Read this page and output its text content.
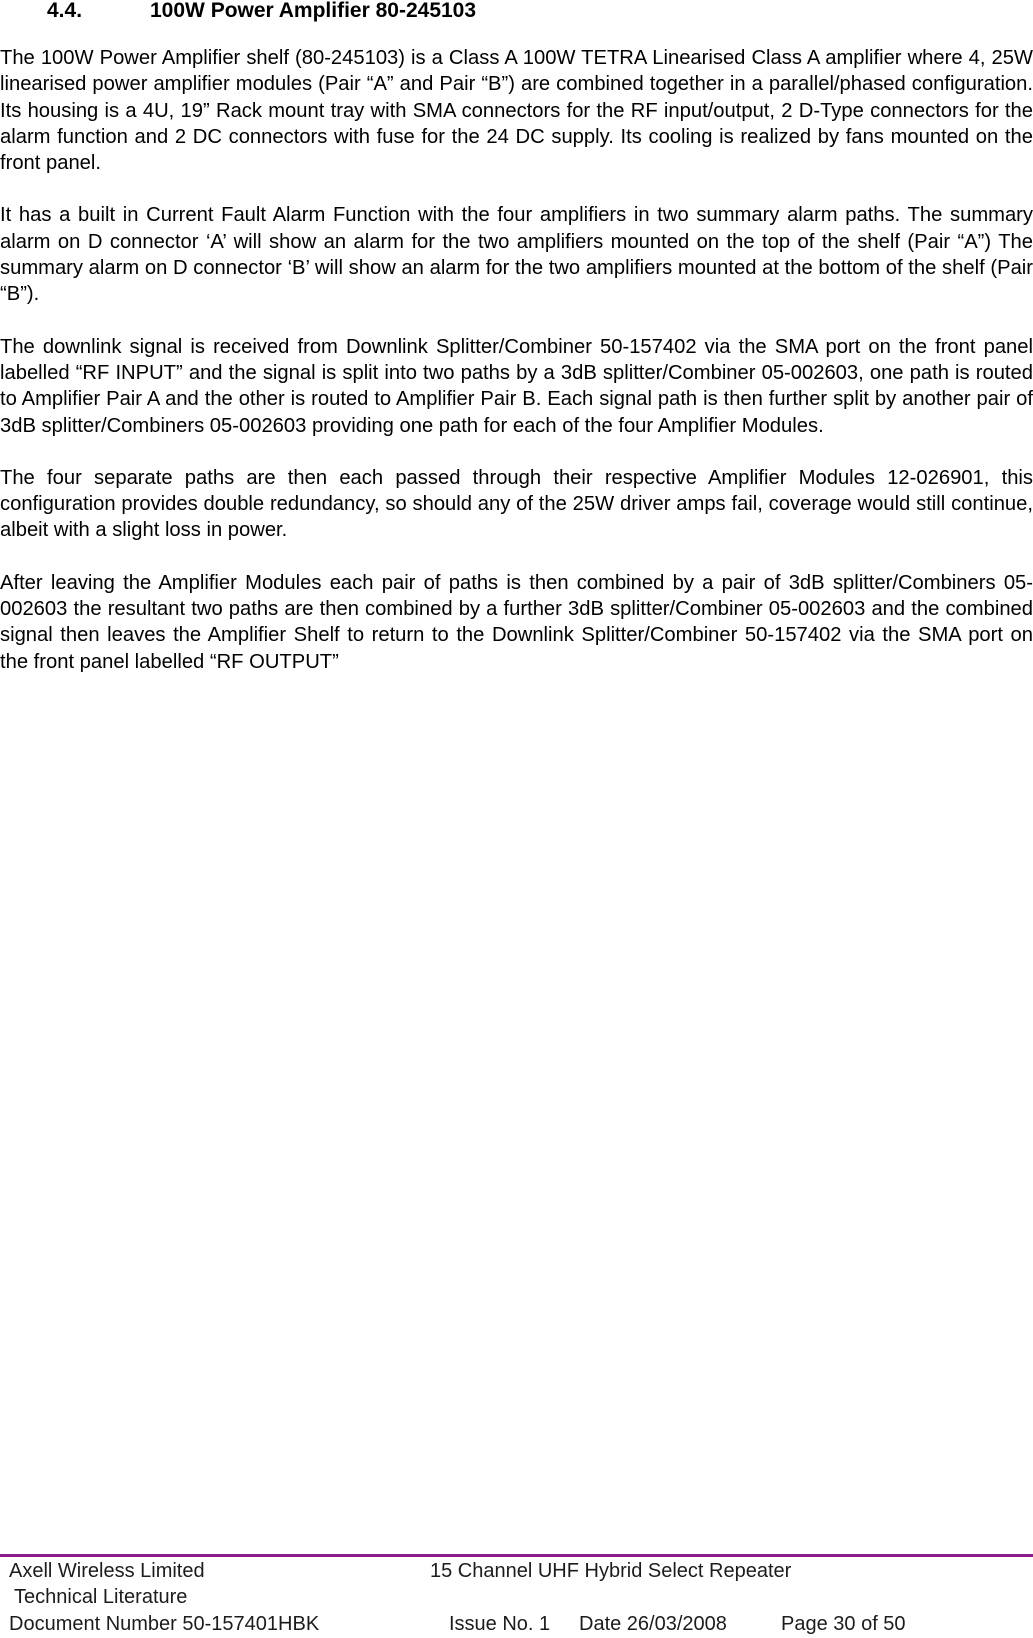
4.4.	100W Power Amplifier 80-245103

The 100W Power Amplifier shelf (80-245103) is a Class A 100W TETRA Linearised Class A amplifier where 4, 25W linearised power amplifier modules (Pair “A” and Pair “B”) are combined together in a parallel/phased configuration. Its housing is a 4U, 19” Rack mount tray with SMA connectors for the RF input/output, 2 D-Type connectors for the alarm function and 2 DC connectors with fuse for the 24 DC supply. Its cooling is realized by fans mounted on the front panel.

It has a built in Current Fault Alarm Function with the four amplifiers in two summary alarm paths. The summary alarm on D connector ‘A’ will show an alarm for the two amplifiers mounted on the top of the shelf (Pair “A”) The summary alarm on D connector ‘B’ will show an alarm for the two amplifiers mounted at the bottom of the shelf (Pair “B”).

The downlink signal is received from Downlink Splitter/Combiner 50-157402 via the SMA port on the front panel labelled “RF INPUT” and the signal is split into two paths by a 3dB splitter/Combiner 05-002603, one path is routed to Amplifier Pair A and the other is routed to Amplifier Pair B. Each signal path is then further split by another pair of 3dB splitter/Combiners 05-002603 providing one path for each of the four Amplifier Modules.

The four separate paths are then each passed through their respective Amplifier Modules 12-026901, this configuration provides double redundancy, so should any of the 25W driver amps fail, coverage would still continue, albeit with a slight loss in power.

After leaving the Amplifier Modules each pair of paths is then combined by a pair of 3dB splitter/Combiners 05-002603 the resultant two paths are then combined by a further 3dB splitter/Combiner 05-002603 and the combined signal then leaves the Amplifier Shelf to return to the Downlink Splitter/Combiner 50-157402 via the SMA port on the front panel labelled “RF OUTPUT”

Axell Wireless Limited	15 Channel UHF Hybrid Select Repeater
Technical Literature
Document Number 50-157401HBK	Issue No. 1 Date 26/03/2008	Page 30 of 50
